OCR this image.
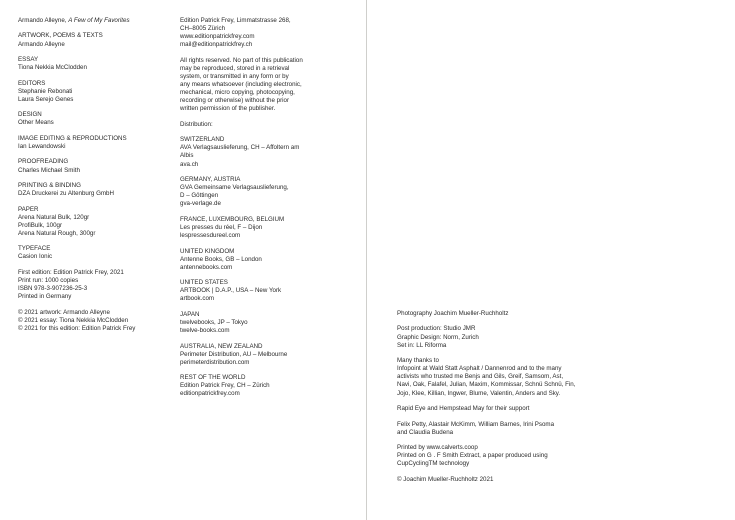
Armando Alleyne, A Few of My Favorites
ARTWORK, POEMS & TEXTS
Armando Alleyne
ESSAY
Tiona Nekkia McClodden
EDITORS
Stephanie Rebonati
Laura Serejo Genes
DESIGN
Other Means
IMAGE EDITING & REPRODUCTIONS
Ian Lewandowski
PROOFREADING
Charles Michael Smith
PRINTING & BINDING
DZA Druckerei zu Altenburg GmbH
PAPER
Arena Natural Bulk, 120gr
ProfiBulk, 100gr
Arena Natural Rough, 300gr
TYPEFACE
Casion Ionic
First edition: Edition Patrick Frey, 2021
Print run: 1000 copies
ISBN 978-3-907236-25-3
Printed in Germany
© 2021 artwork: Armando Alleyne
© 2021 essay: Tiona Nekkia McClodden
© 2021 for this edition: Edition Patrick Frey
Edition Patrick Frey, Limmatstrasse 268,
CH–8005 Zürich
www.editionpatrickfrey.com
mail@editionpatrickfrey.ch
All rights reserved. No part of this publication
may be reproduced, stored in a retrieval
system, or transmitted in any form or by
any means whatsoever (including electronic,
mechanical, micro copying, photocopying,
recording or otherwise) without the prior
written permission of the publisher.
Distribution:
SWITZERLAND
AVA Verlagsauslieferung, CH – Affoltern am
Albis
ava.ch
GERMANY, AUSTRIA
GVA Gemeinsame Verlagsauslieferung,
D – Göttingen
gva-verlage.de
FRANCE, LUXEMBOURG, BELGIUM
Les presses du réel, F – Dijon
lespressesdureel.com
UNITED KINGDOM
Antenne Books, GB – London
antennebooks.com
UNITED STATES
ARTBOOK | D.A.P., USA – New York
artbook.com
JAPAN
twelvebooks, JP – Tokyo
twelve-books.com
AUSTRALIA, NEW ZEALAND
Perimeter Distribution, AU – Melbourne
perimeterdistribution.com
REST OF THE WORLD
Edition Patrick Frey, CH – Zürich
editionpatrickfrey.com
Photography Joachim Mueller-Ruchholtz
Post production: Studio JMR
Graphic Design: Norm, Zurich
Set in: LL Riforma
Many thanks to
Infopoint at Wald Statt Asphalt / Dannenrod and to the many
activists who trusted me Benjs and Gils, Greif, Samsom, Ast,
Navi, Oak, Falafel, Julian, Maxim, Kommissar, Schnü Schnü, Fin,
Jojo, Klee, Killian, Ingwer, Blume, Valentin, Anders and Sky.
Rapid Eye and Hempstead May for their support
Felix Petty, Alastair McKimm, William Barnes, Irini Psoma
and Claudia Budena
Printed by www.calverts.coop
Printed on G . F Smith Extract, a paper produced using
CupCyclingTM technology
© Joachim Mueller-Ruchholtz 2021
